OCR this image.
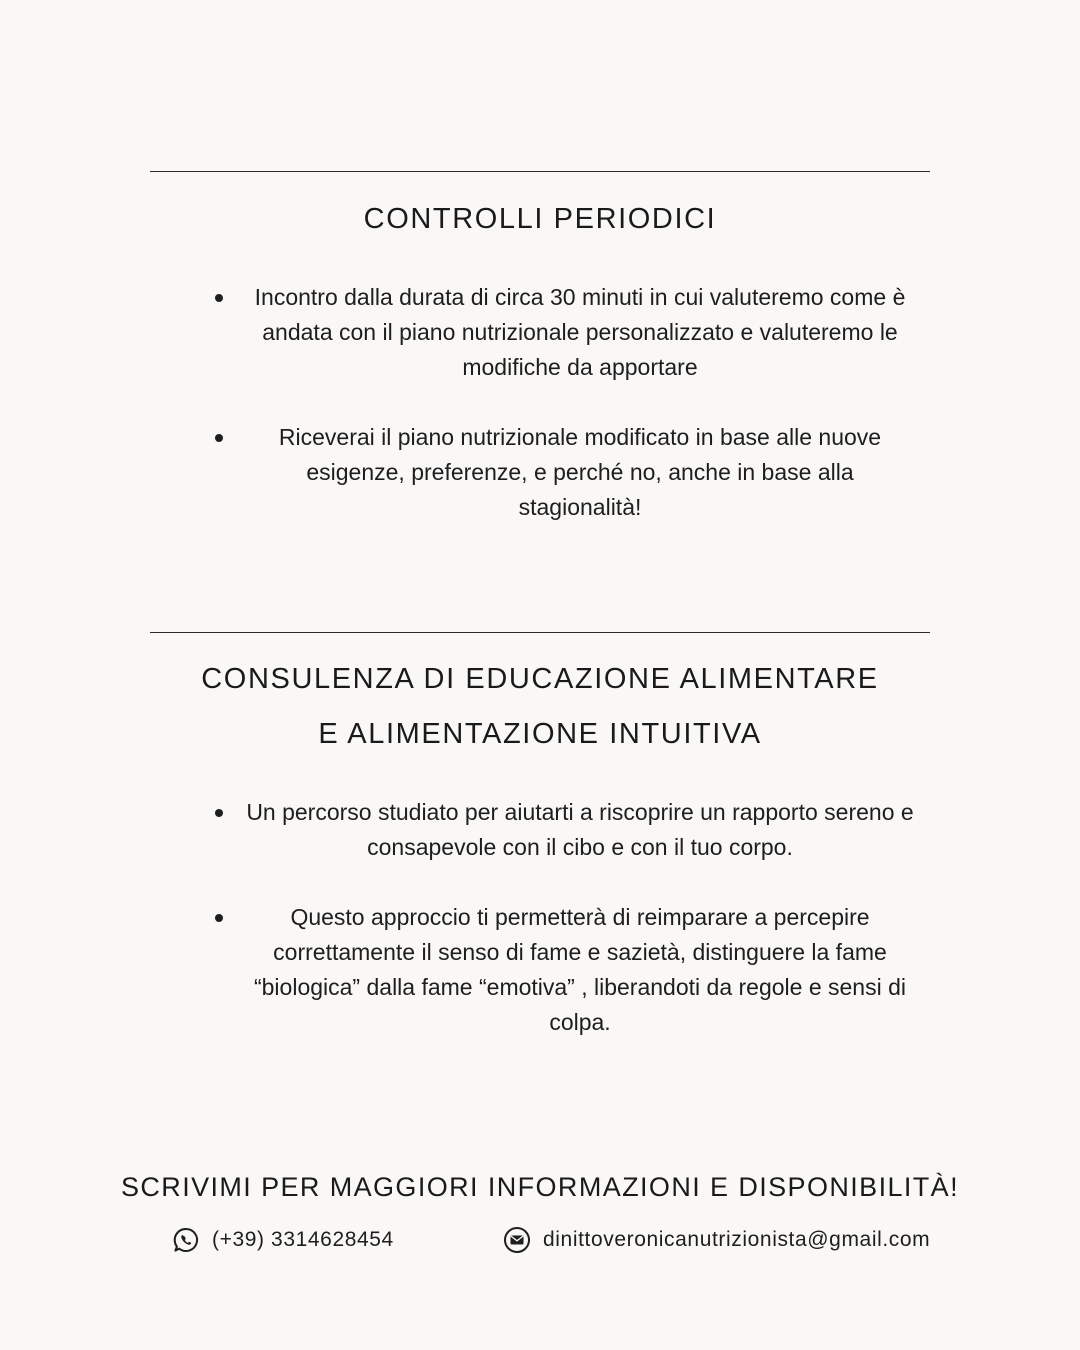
CONTROLLI PERIODICI
Incontro dalla durata di circa 30 minuti in cui valuteremo come è andata con il piano nutrizionale personalizzato e valuteremo le modifiche da apportare
Riceverai il piano nutrizionale modificato in base alle nuove esigenze, preferenze, e perché no, anche in base alla stagionalità!
CONSULENZA DI EDUCAZIONE ALIMENTARE
E ALIMENTAZIONE INTUITIVA
Un percorso studiato per aiutarti a riscoprire un rapporto sereno e consapevole con il cibo e con il tuo corpo.
Questo approccio ti permetterà di reimparare a percepire correttamente il senso di fame e sazietà, distinguere la fame “biologica” dalla fame “emotiva” , liberandoti da regole e sensi di colpa.
SCRIVIMI PER MAGGIORI INFORMAZIONI E DISPONIBILITÀ!
(+39) 3314628454	dinittoveronicanutrizionista@gmail.com
